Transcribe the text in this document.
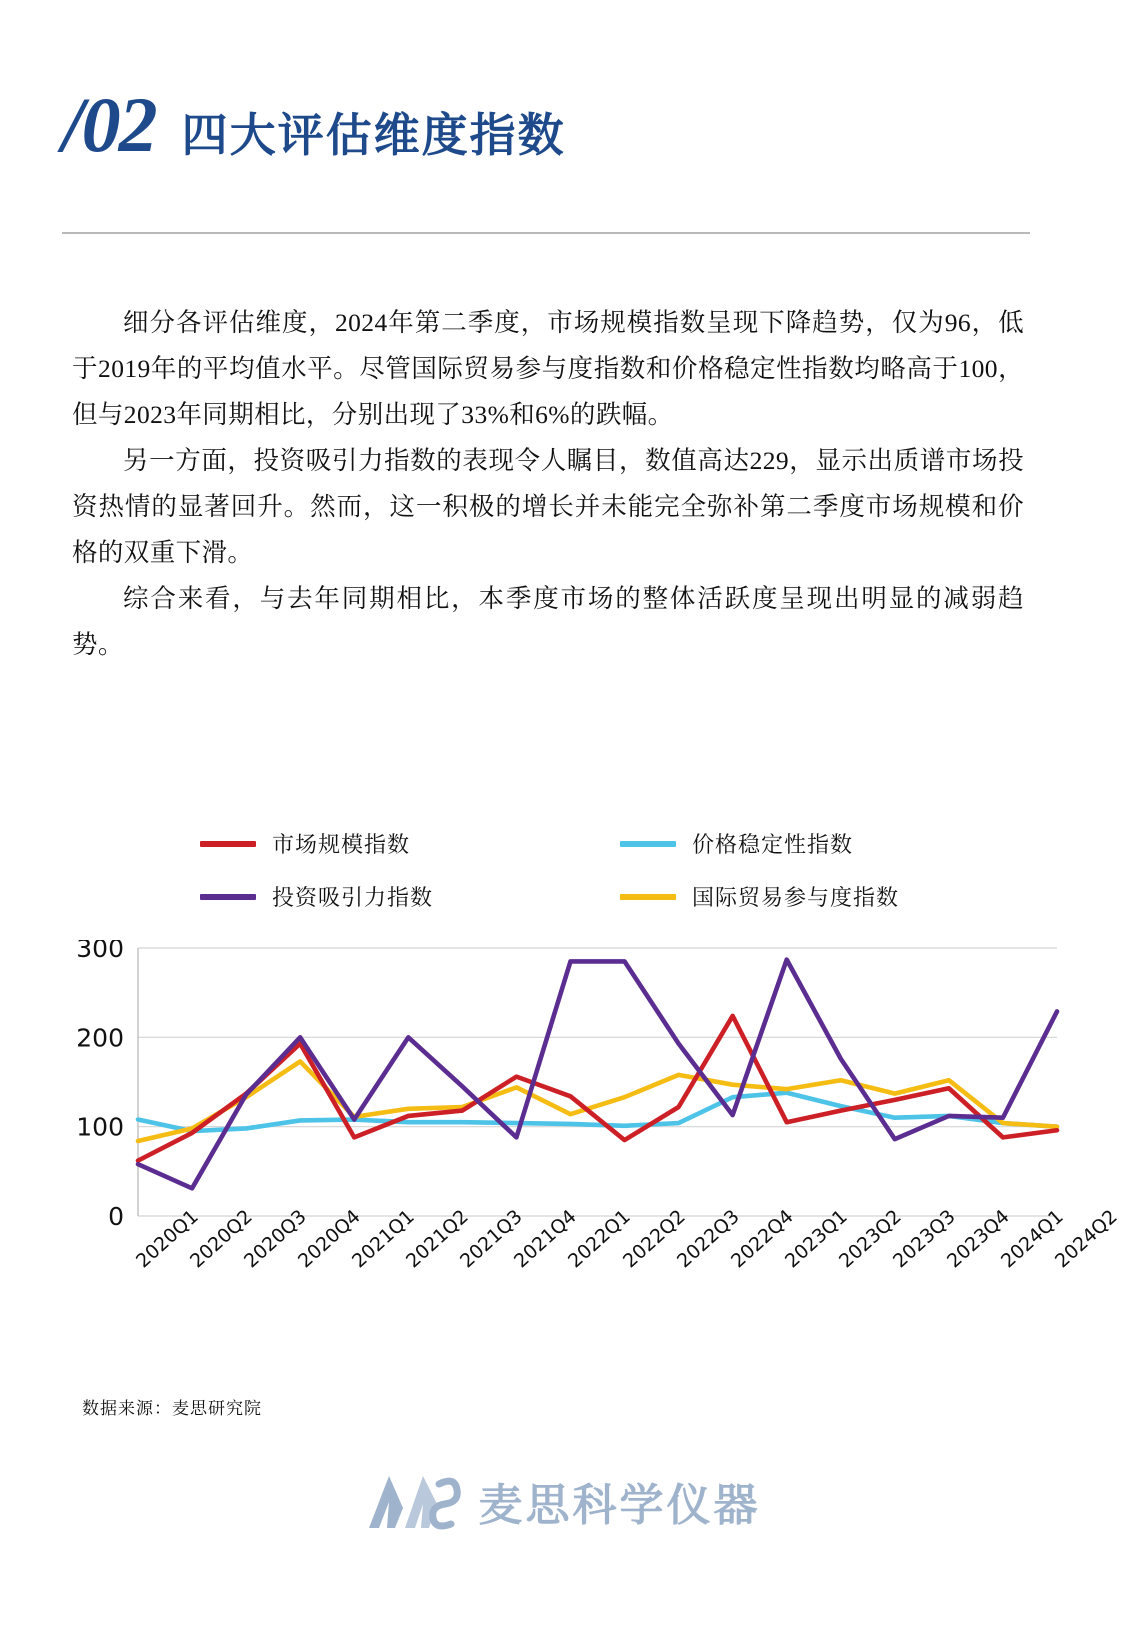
/02 四大评估维度指数

细分各评估维度，2024年第二季度，市场规模指数呈现下降趋势，仅为96，低于2019年的平均值水平。尽管国际贸易参与度指数和价格稳定性指数均略高于100，但与2023年同期相比，分别出现了33%和6%的跌幅。

另一方面，投资吸引力指数的表现令人瞩目，数值高达229，显示出质谱市场投资热情的显著回升。然而，这一积极的增长并未能完全弥补第二季度市场规模和价格的双重下滑。

综合来看，与去年同期相比，本季度市场的整体活跃度呈现出明显的减弱趋势。

市场规模指数	价格稳定性指数
投资吸引力指数	国际贸易参与度指数
0
100
200
300
2020Q1
2020Q2
2020Q3
2020Q4
2021Q1
2021Q2
2021Q3
2021Q4
2022Q1
2022Q2
2022Q3
2022Q4
2023Q1
2023Q2
2023Q3
2023Q4
2024Q1
2024Q2
数据来源：麦思研究院
麦思科学仪器
